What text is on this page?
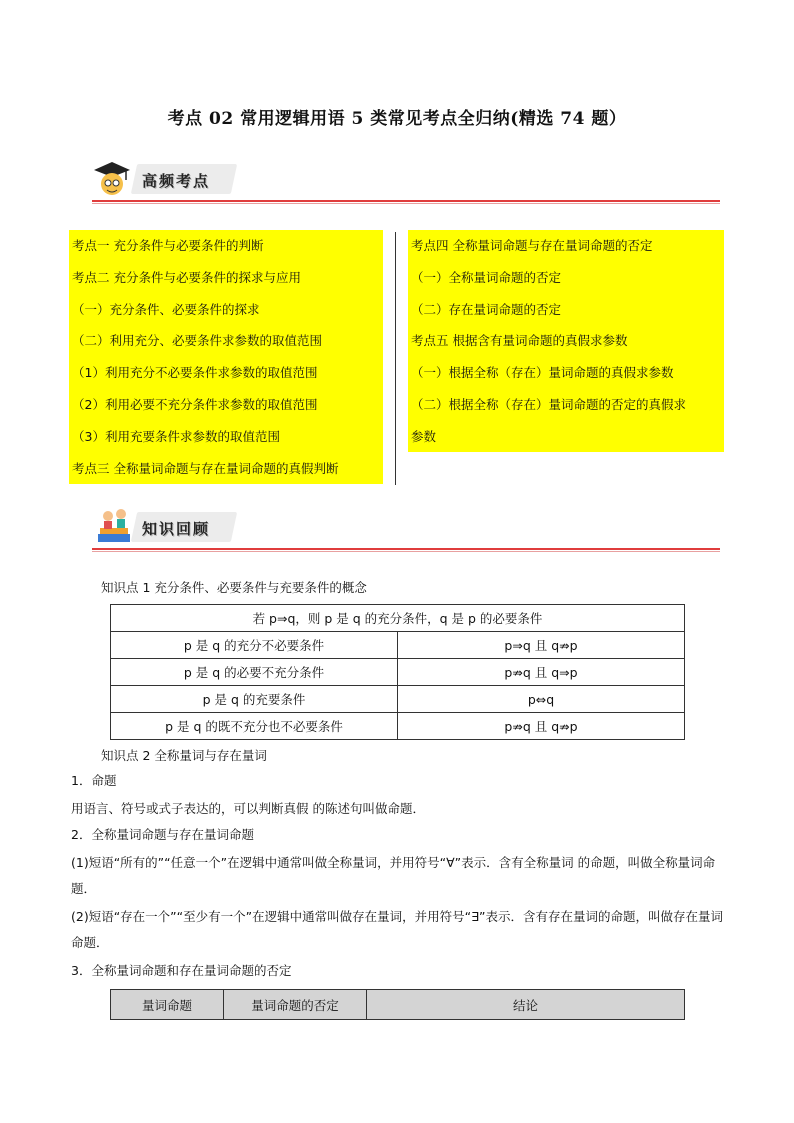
考点 02 常用逻辑用语 5 类常见考点全归纳(精选 74 题）
高频考点
考点一 充分条件与必要条件的判断
考点二 充分条件与必要条件的探求与应用
（一）充分条件、必要条件的探求
（二）利用充分、必要条件求参数的取值范围
（1）利用充分不必要条件求参数的取值范围
（2）利用必要不充分条件求参数的取值范围
（3）利用充要条件求参数的取值范围
考点三 全称量词命题与存在量词命题的真假判断
考点四 全称量词命题与存在量词命题的否定
（一）全称量词命题的否定
（二）存在量词命题的否定
考点五 根据含有量词命题的真假求参数
（一）根据全称（存在）量词命题的真假求参数
（二）根据全称（存在）量词命题的否定的真假求
参数
知识回顾
知识点 1 充分条件、必要条件与充要条件的概念
若 p⇒q，则 p 是 q 的充分条件，q 是 p 的必要条件	
p 是 q 的充分不必要条件	p⇒q 且 q⇏p
p 是 q 的必要不充分条件	p⇏q 且 q⇒p
p 是 q 的充要条件	p⇔q
p 是 q 的既不充分也不必要条件	p⇏q 且 q⇏p
知识点 2 全称量词与存在量词
1．命题
用语言、符号或式子表达的，可以判断真假 的陈述句叫做命题．
2．全称量词命题与存在量词命题
(1)短语“所有的”“任意一个”在逻辑中通常叫做全称量词，并用符号“∀”表示．含有全称量词 的命题，叫做全称量词命题．
(2)短语“存在一个”“至少有一个”在逻辑中通常叫做存在量词，并用符号“∃”表示．含有存在量词的命题，叫做存在量词命题．
3．全称量词命题和存在量词命题的否定
量词命题	量词命题的否定	结论
